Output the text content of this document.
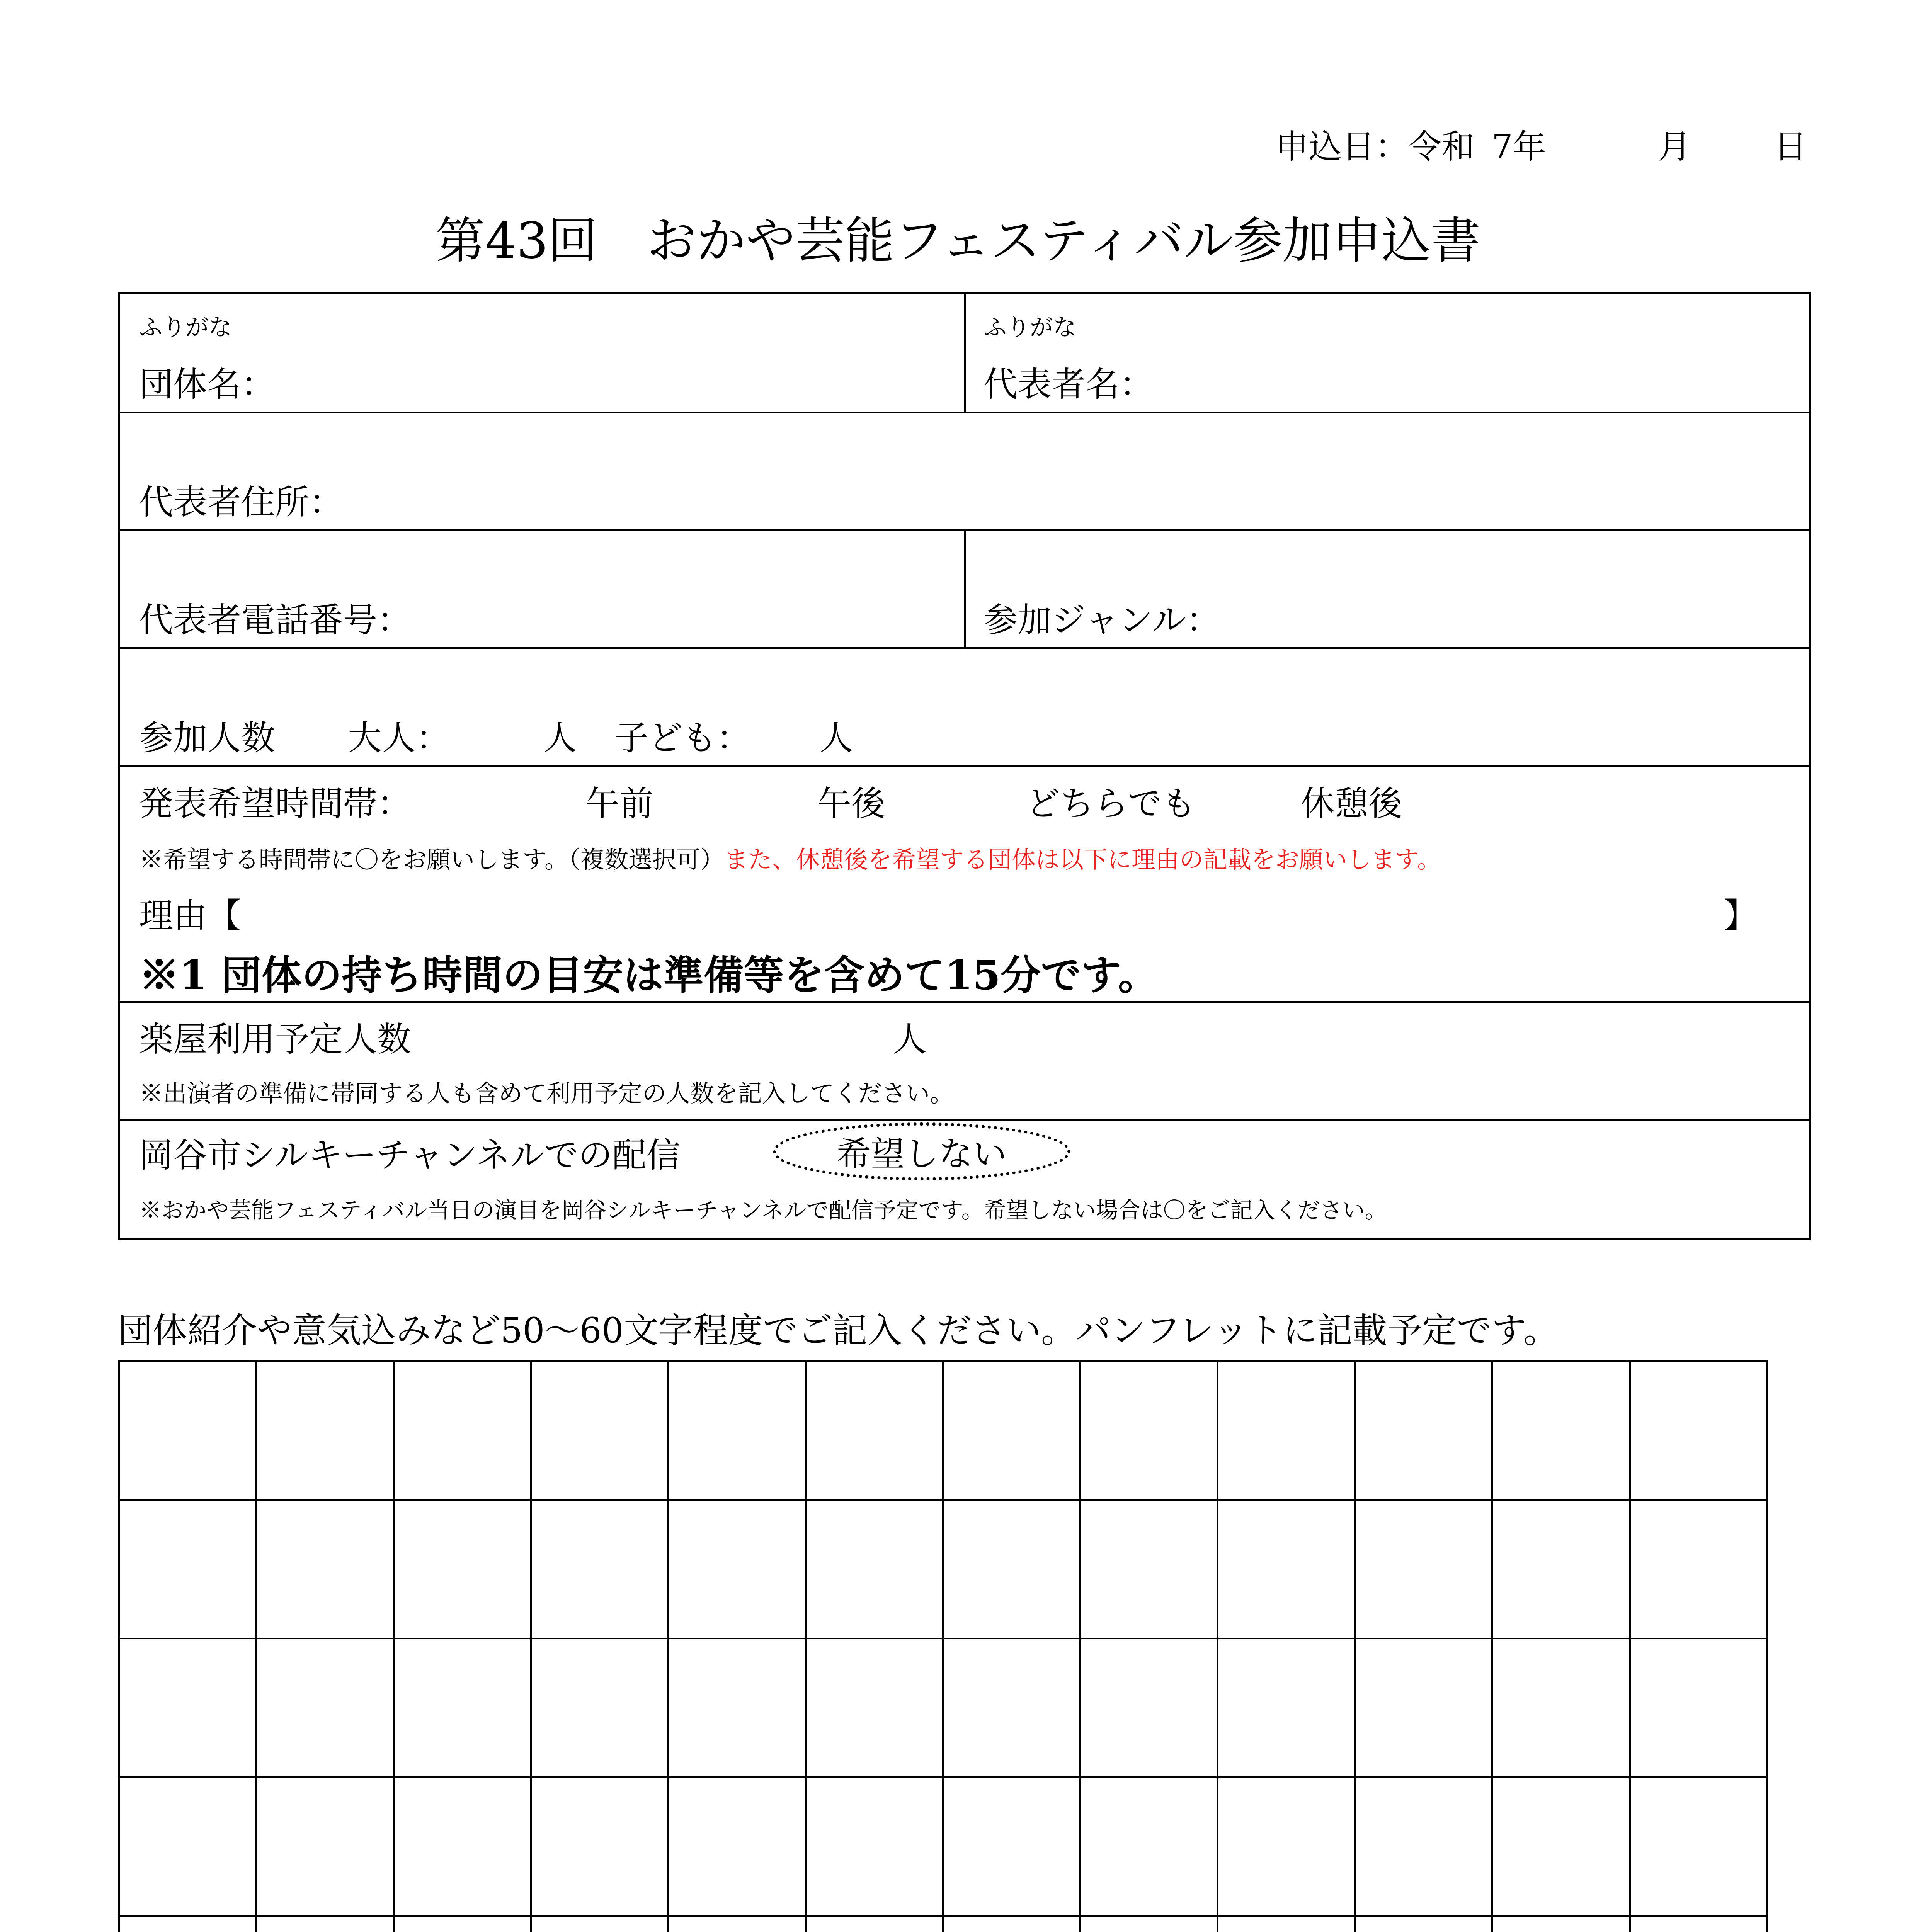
申込日：令和 7年	月 日
第43回　おかや芸能フェスティバル参加申込書
ふりがな
団体名：
ふりがな
代表者名：
代表者住所：
代表者電話番号：	参加ジャンル：
参加人数 大人：	人 子ども： 人
発表希望時間帯：	午前	午後	どちらでも	休憩後
※希望する時間帯に〇をお願いします。（複数選択可）また、休憩後を希望する団体は以下に理由の記載をお願いします。
理由【	】
※1 団体の持ち時間の目安は準備等を含めて15分です。
楽屋利用予定人数	人
※出演者の準備に帯同する人も含めて利用予定の人数を記入してください。
岡谷市シルキーチャンネルでの配信	希望しない
※おかや芸能フェスティバル当日の演目を岡谷シルキーチャンネルで配信予定です。希望しない場合は〇をご記入ください。
団体紹介や意気込みなど50～60文字程度でご記入ください。パンフレットに記載予定です。
